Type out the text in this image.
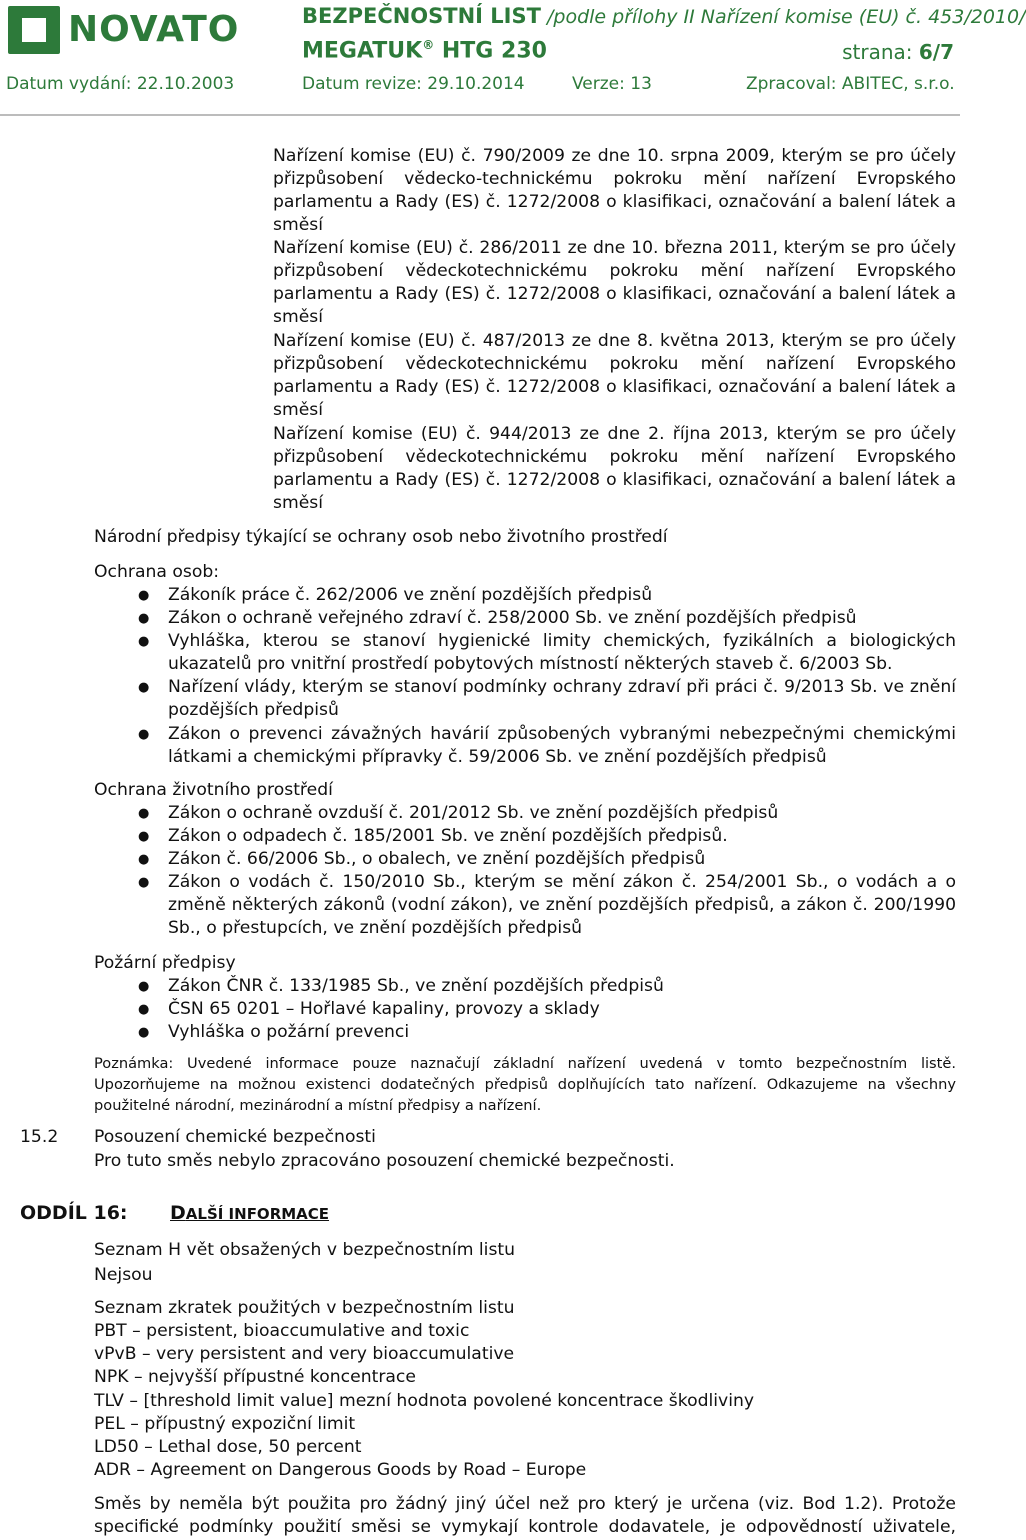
NOVATO	BEZPEČNOSTNÍ LIST /podle přílohy II Nařízení komise (EU) č. 453/2010/
MEGATUK® HTG 230	strana: 6/7
Datum vydání: 22.10.2003	Datum revize: 29.10.2014	Verze: 13	Zpracoval: ABITEC, s.r.o.
Nařízení komise (EU) č. 790/2009 ze dne 10. srpna 2009, kterým se pro účely přizpůsobení vědecko-technickému pokroku mění nařízení Evropského parlamentu a Rady (ES) č. 1272/2008 o klasifikaci, označování a balení látek a směsí
Nařízení komise (EU) č. 286/2011 ze dne 10. března 2011, kterým se pro účely přizpůsobení vědeckotechnickému pokroku mění nařízení Evropského parlamentu a Rady (ES) č. 1272/2008 o klasifikaci, označování a balení látek a směsí
Nařízení komise (EU) č. 487/2013 ze dne 8. května 2013, kterým se pro účely přizpůsobení vědeckotechnickému pokroku mění nařízení Evropského parlamentu a Rady (ES) č. 1272/2008 o klasifikaci, označování a balení látek a směsí
Nařízení komise (EU) č. 944/2013 ze dne 2. října 2013, kterým se pro účely přizpůsobení vědeckotechnickému pokroku mění nařízení Evropského parlamentu a Rady (ES) č. 1272/2008 o klasifikaci, označování a balení látek a směsí
Národní předpisy týkající se ochrany osob nebo životního prostředí
Ochrana osob:
●	Zákoník práce č. 262/2006 ve znění pozdějších předpisů
●	Zákon o ochraně veřejného zdraví č. 258/2000 Sb. ve znění pozdějších předpisů
●	Vyhláška, kterou se stanoví hygienické limity chemických, fyzikálních a biologických ukazatelů pro vnitřní prostředí pobytových místností některých staveb č. 6/2003 Sb.
●	Nařízení vlády, kterým se stanoví podmínky ochrany zdraví při práci č. 9/2013 Sb. ve znění pozdějších předpisů
●	Zákon o prevenci závažných havárií způsobených vybranými nebezpečnými chemickými látkami a chemickými přípravky č. 59/2006 Sb. ve znění pozdějších předpisů
Ochrana životního prostředí
●	Zákon o ochraně ovzduší č. 201/2012 Sb. ve znění pozdějších předpisů
●	Zákon o odpadech č. 185/2001 Sb. ve znění pozdějších předpisů.
●	Zákon č. 66/2006 Sb., o obalech, ve znění pozdějších předpisů
●	Zákon o vodách č. 150/2010 Sb., kterým se mění zákon č. 254/2001 Sb., o vodách a o změně některých zákonů (vodní zákon), ve znění pozdějších předpisů, a zákon č. 200/1990 Sb., o přestupcích, ve znění pozdějších předpisů
Požární předpisy
●	Zákon ČNR č. 133/1985 Sb., ve znění pozdějších předpisů
●	ČSN 65 0201 – Hořlavé kapaliny, provozy a sklady
●	Vyhláška o požární prevenci
Poznámka: Uvedené informace pouze naznačují základní nařízení uvedená v tomto bezpečnostním listě. Upozorňujeme na možnou existenci dodatečných předpisů doplňujících tato nařízení. Odkazujeme na všechny použitelné národní, mezinárodní a místní předpisy a nařízení.
15.2 Posouzení chemické bezpečnosti
Pro tuto směs nebylo zpracováno posouzení chemické bezpečnosti.
ODDÍL 16: DALŠÍ INFORMACE
Seznam H vět obsažených v bezpečnostním listu
Nejsou
Seznam zkratek použitých v bezpečnostním listu
PBT – persistent, bioaccumulative and toxic
vPvB – very persistent and very bioaccumulative
NPK – nejvyšší přípustné koncentrace
TLV – [threshold limit value] mezní hodnota povolené koncentrace škodliviny
PEL – přípustný expoziční limit
LD50 – Lethal dose, 50 percent
ADR – Agreement on Dangerous Goods by Road – Europe
Směs by neměla být použita pro žádný jiný účel než pro který je určena (viz. Bod 1.2). Protože specifické podmínky použití směsi se vymykají kontrole dodavatele, je odpovědností uživatele,
